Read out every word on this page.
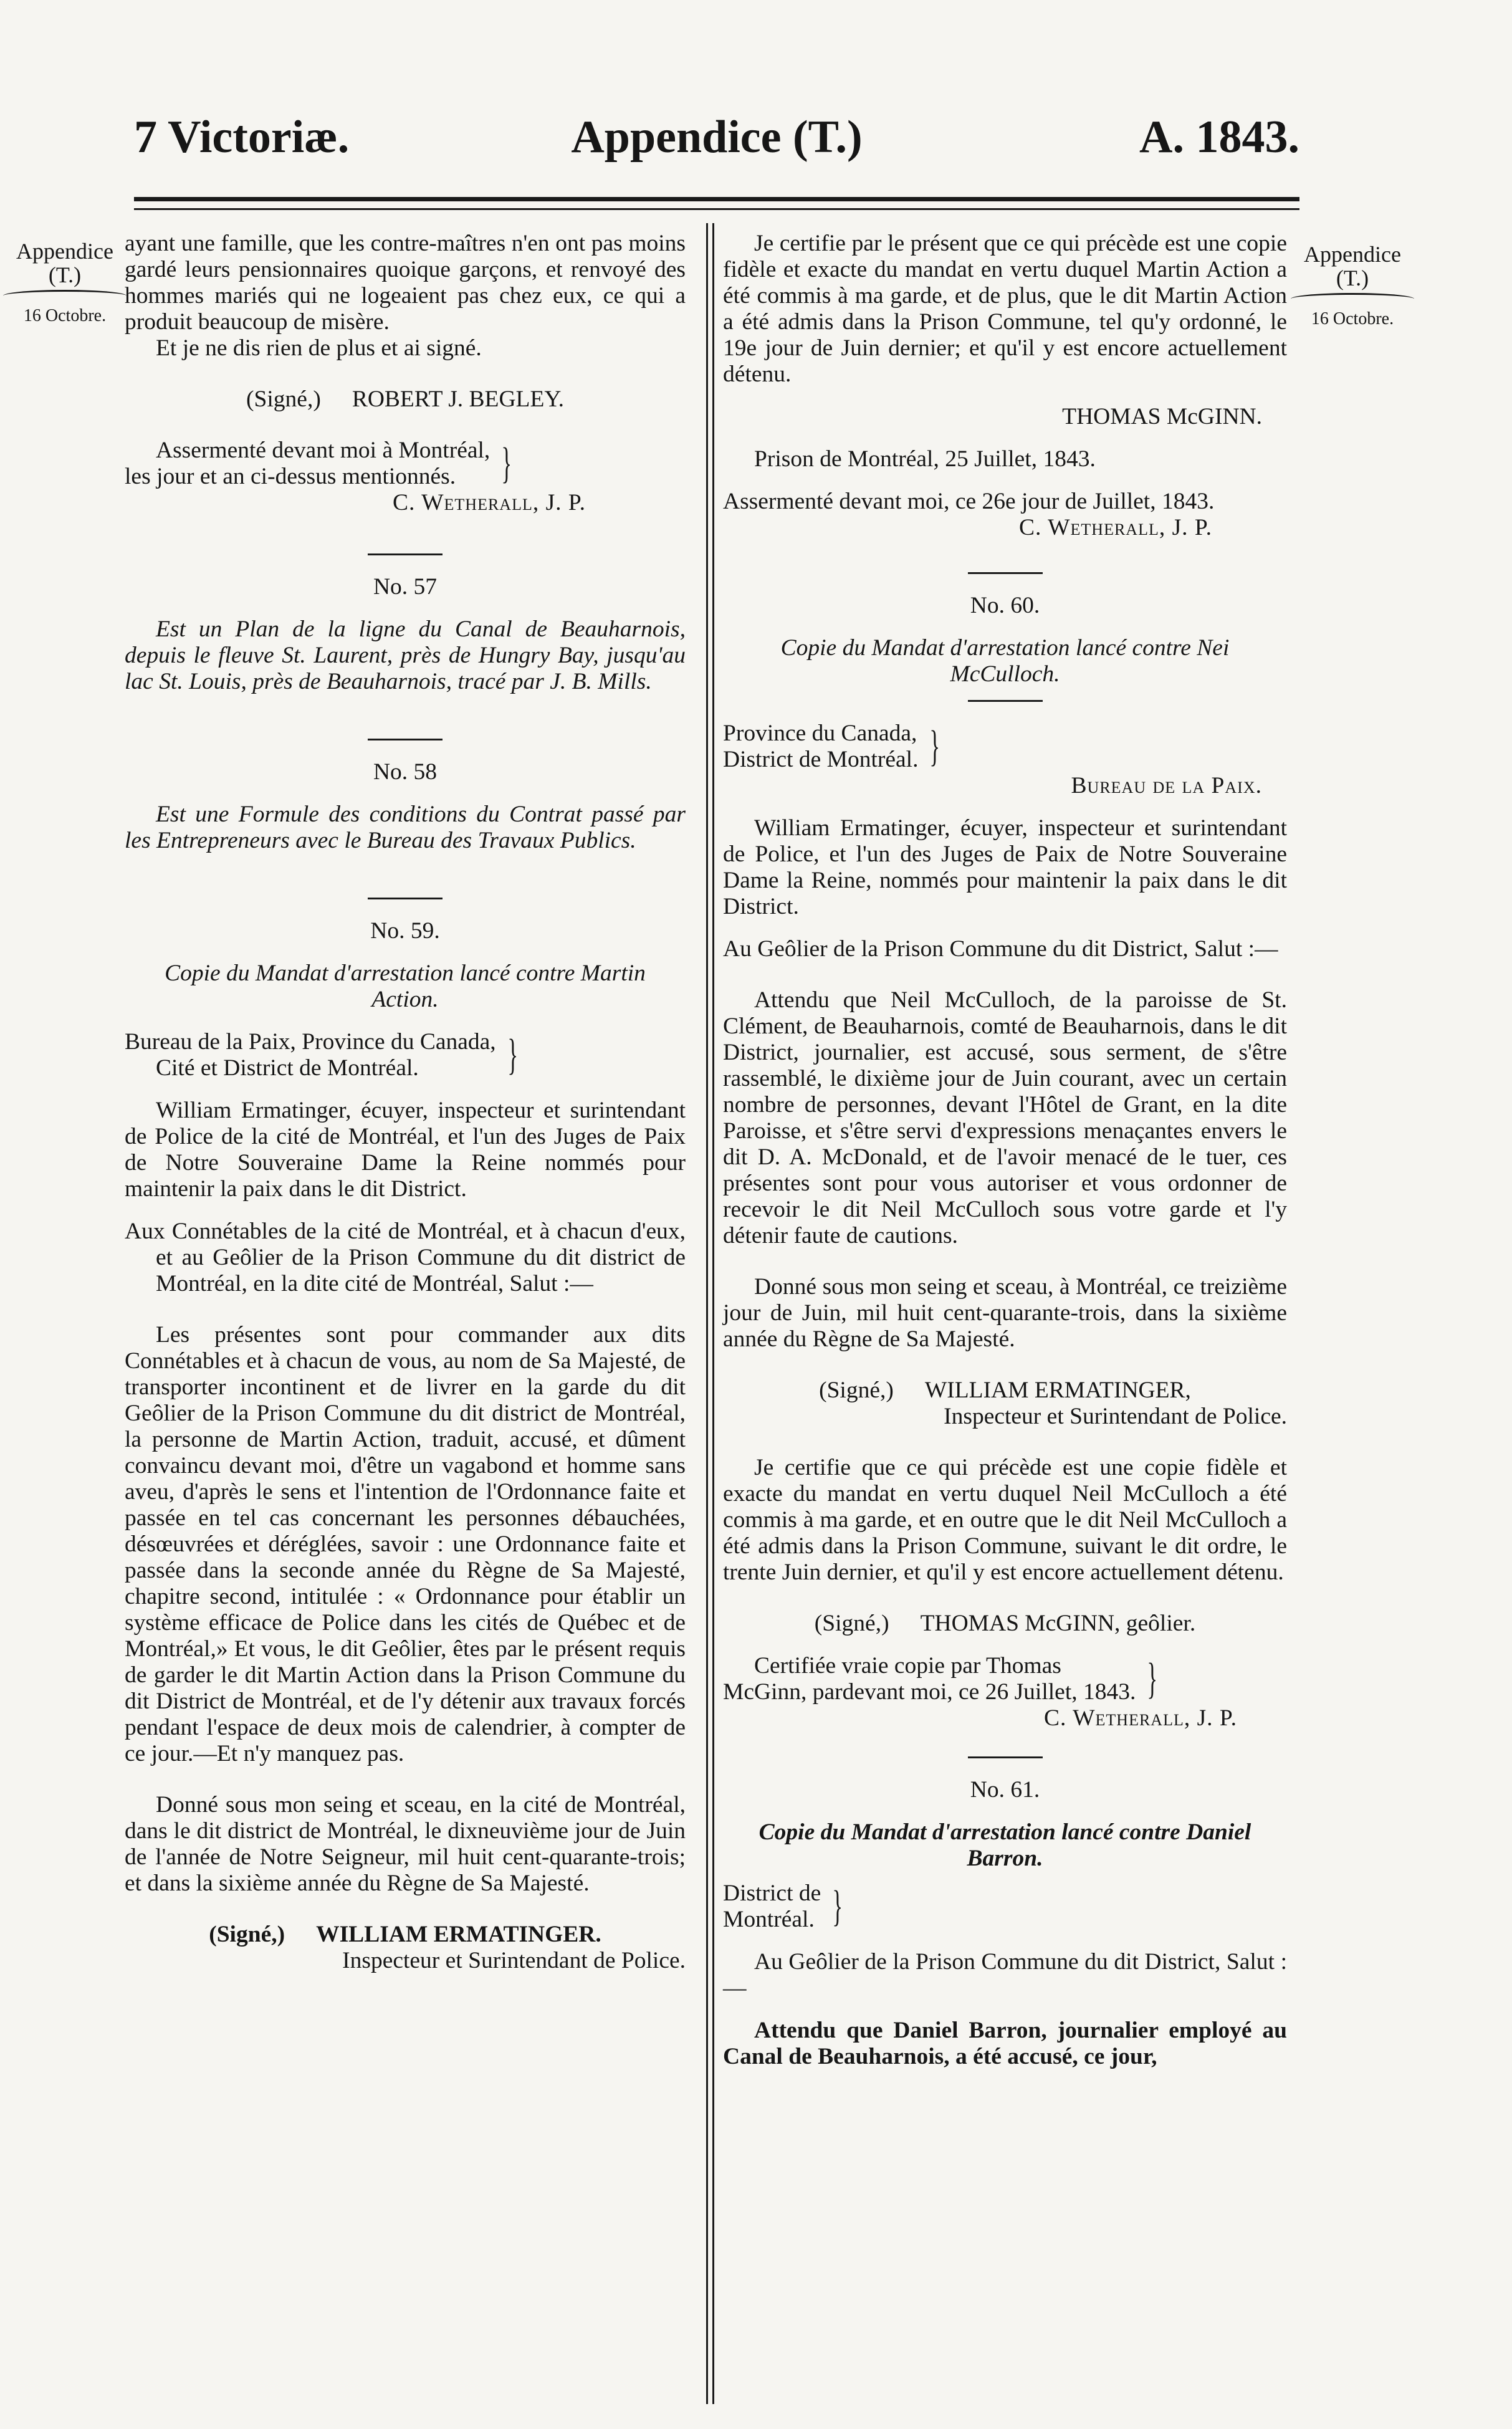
7 Victoriæ.	Appendice (T.)	A. 1843.
Appendice
(T.)
16 Octobre.
Appendice
(T.)
16 Octobre.

ayant une famille, que les contre-maîtres n'en ont pas moins gardé leurs pensionnaires quoique garçons, et renvoyé des hommes mariés qui ne logeaient pas chez eux, ce qui a produit beaucoup de misère.

Et je ne dis rien de plus et ai signé.

(Signé,) ROBERT J. BEGLEY.
Assermenté devant moi à Montréal,
les jour et an ci-dessus mentionnés.	}

C. Wetherall, J. P.

No. 57

Est un Plan de la ligne du Canal de Beauharnois, depuis le fleuve St. Laurent, près de Hungry Bay, jusqu'au lac St. Louis, près de Beauharnois, tracé par J. B. Mills.

No. 58

Est une Formule des conditions du Contrat passé par les Entrepreneurs avec le Bureau des Travaux Publics.

No. 59.

Copie du Mandat d'arrestation lancé contre Martin Action.

Bureau de la Paix, Province du Canada,
Cité et District de Montréal.	}

William Ermatinger, écuyer, inspecteur et surintendant de Police de la cité de Montréal, et l'un des Juges de Paix de Notre Souveraine Dame la Reine nommés pour maintenir la paix dans le dit District.

Aux Connétables de la cité de Montréal, et à chacun d'eux, et au Geôlier de la Prison Commune du dit district de Montréal, en la dite cité de Montréal, Salut :—

Les présentes sont pour commander aux dits Connétables et à chacun de vous, au nom de Sa Majesté, de transporter incontinent et de livrer en la garde du dit Geôlier de la Prison Commune du dit district de Montréal, la personne de Martin Action, traduit, accusé, et dûment convaincu devant moi, d'être un vagabond et homme sans aveu, d'après le sens et l'intention de l'Ordonnance faite et passée en tel cas concernant les personnes débauchées, désœuvrées et déréglées, savoir : une Ordonnance faite et passée dans la seconde année du Règne de Sa Majesté, chapitre second, intitulée : « Ordonnance pour établir un système efficace de Police dans les cités de Québec et de Montréal,» Et vous, le dit Geôlier, êtes par le présent requis de garder le dit Martin Action dans la Prison Commune du dit District de Montréal, et de l'y détenir aux travaux forcés pendant l'espace de deux mois de calendrier, à compter de ce jour.—Et n'y manquez pas.

Donné sous mon seing et sceau, en la cité de Montréal, dans le dit district de Montréal, le dixneuvième jour de Juin de l'année de Notre Seigneur, mil huit cent-quarante-trois; et dans la sixième année du Règne de Sa Majesté.

(Signé,) WILLIAM ERMATINGER.

Inspecteur et Surintendant de Police.

Je certifie par le présent que ce qui précède est une copie fidèle et exacte du mandat en vertu duquel Martin Action a été commis à ma garde, et de plus, que le dit Martin Action a été admis dans la Prison Commune, tel qu'y ordonné, le 19e jour de Juin dernier; et qu'il y est encore actuellement détenu.

THOMAS McGINN.

Prison de Montréal, 25 Juillet, 1843.

Assermenté devant moi, ce 26e jour de Juillet, 1843.

C. Wetherall, J. P.

No. 60.

Copie du Mandat d'arrestation lancé contre Nei McCulloch.

Province du Canada,
District de Montréal. }

Bureau de la Paix.

William Ermatinger, écuyer, inspecteur et surintendant de Police, et l'un des Juges de Paix de Notre Souveraine Dame la Reine, nommés pour maintenir la paix dans le dit District.

Au Geôlier de la Prison Commune du dit District, Salut :—

Attendu que Neil McCulloch, de la paroisse de St. Clément, de Beauharnois, comté de Beauharnois, dans le dit District, journalier, est accusé, sous serment, de s'être rassemblé, le dixième jour de Juin courant, avec un certain nombre de personnes, devant l'Hôtel de Grant, en la dite Paroisse, et s'être servi d'expressions menaçantes envers le dit D. A. McDonald, et de l'avoir menacé de le tuer, ces présentes sont pour vous autoriser et vous ordonner de recevoir le dit Neil McCulloch sous votre garde et l'y détenir faute de cautions.

Donné sous mon seing et sceau, à Montréal, ce treizième jour de Juin, mil huit cent-quarante-trois, dans la sixième année du Règne de Sa Majesté.

(Signé,) WILLIAM ERMATINGER,

Inspecteur et Surintendant de Police.

Je certifie que ce qui précède est une copie fidèle et exacte du mandat en vertu duquel Neil McCulloch a été commis à ma garde, et en outre que le dit Neil McCulloch a été admis dans la Prison Commune, suivant le dit ordre, le trente Juin dernier, et qu'il y est encore actuellement détenu.

(Signé,) THOMAS McGINN, geôlier.
Certifiée vraie copie par Thomas
McGinn, pardevant moi, ce 26 Juillet, 1843. }

C. Wetherall, J. P.

No. 61.

Copie du Mandat d'arrestation lancé contre Daniel Barron.

District de
Montréal. }

Au Geôlier de la Prison Commune du dit District, Salut :—

Attendu que Daniel Barron, journalier employé au Canal de Beauharnois, a été accusé, ce jour,
